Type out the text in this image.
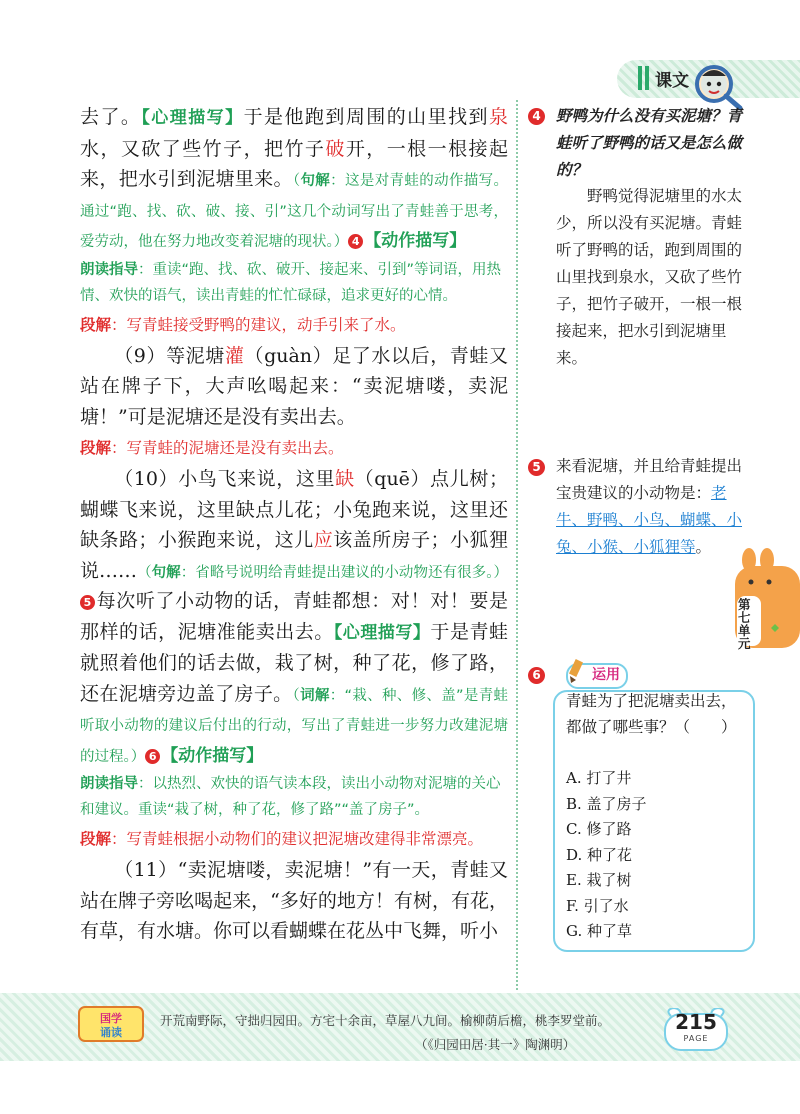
课文

去了。【心理描写】于是他跑到周围的山里找到泉水，又砍了些竹子，把竹子破开，一根一根接起来，把水引到泥塘里来。（句解：这是对青蛙的动作描写。通过“跑、找、砍、破、接、引”这几个动词写出了青蛙善于思考，爱劳动，他在努力地改变着泥塘的现状。） 4 【动作描写】

朗读指导：重读“跑、找、砍、破开、接起来、引到”等词语，用热情、欢快的语气，读出青蛙的忙忙碌碌，追求更好的心情。

段解：写青蛙接受野鸭的建议，动手引来了水。

（9）等泥塘灌（guàn）足了水以后，青蛙又站在牌子下，大声吆喝起来：“卖泥塘喽，卖泥塘！”可是泥塘还是没有卖出去。

段解：写青蛙的泥塘还是没有卖出去。

（10）小鸟飞来说，这里缺（quē）点儿树；蝴蝶飞来说，这里缺点儿花；小兔跑来说，这里还缺条路；小猴跑来说，这儿应该盖所房子；小狐狸说……（句解：省略号说明给青蛙提出建议的小动物还有很多。）5 每次听了小动物的话，青蛙都想：对！对！要是那样的话，泥塘准能卖出去。【心理描写】于是青蛙就照着他们的话去做，栽了树，种了花，修了路，还在泥塘旁边盖了房子。（词解：“栽、种、修、盖”是青蛙听取小动物的建议后付出的行动，写出了青蛙进一步努力改建泥塘的过程。） 6 【动作描写】

朗读指导：以热烈、欢快的语气读本段，读出小动物对泥塘的关心和建议。重读“栽了树，种了花，修了路”“盖了房子”。

段解：写青蛙根据小动物们的建议把泥塘改建得非常漂亮。

（11）“卖泥塘喽，卖泥塘！”有一天，青蛙又站在牌子旁吆喝起来，“多好的地方！有树，有花，有草，有水塘。你可以看蝴蝶在花丛中飞舞，听小

4 野鸭为什么没有买泥塘？青蛙听了野鸭的话又是怎么做的？

野鸭觉得泥塘里的水太少，所以没有买泥塘。青蛙听了野鸭的话，跑到周围的山里找到泉水，又砍了些竹子，把竹子破开，一根一根接起来，把水引到泥塘里来。

5 来看泥塘，并且给青蛙提出宝贵建议的小动物是：老牛、野鸭、小鸟、蝴蝶、小兔、小猴、小狐狸等。

6	运用
青蛙为了把泥塘卖出去，都做了哪些事？（　　）
A. 打了井
B. 盖了房子
C. 修了路
D. 种了花
E. 栽了树
F. 引了水
G. 种了草
第七单元
国学
诵读
开荒南野际，守拙归园田。方宅十余亩，草屋八九间。榆柳荫后檐，桃李罗堂前。
（《归园田居·其一》陶渊明）
215
PAGE
